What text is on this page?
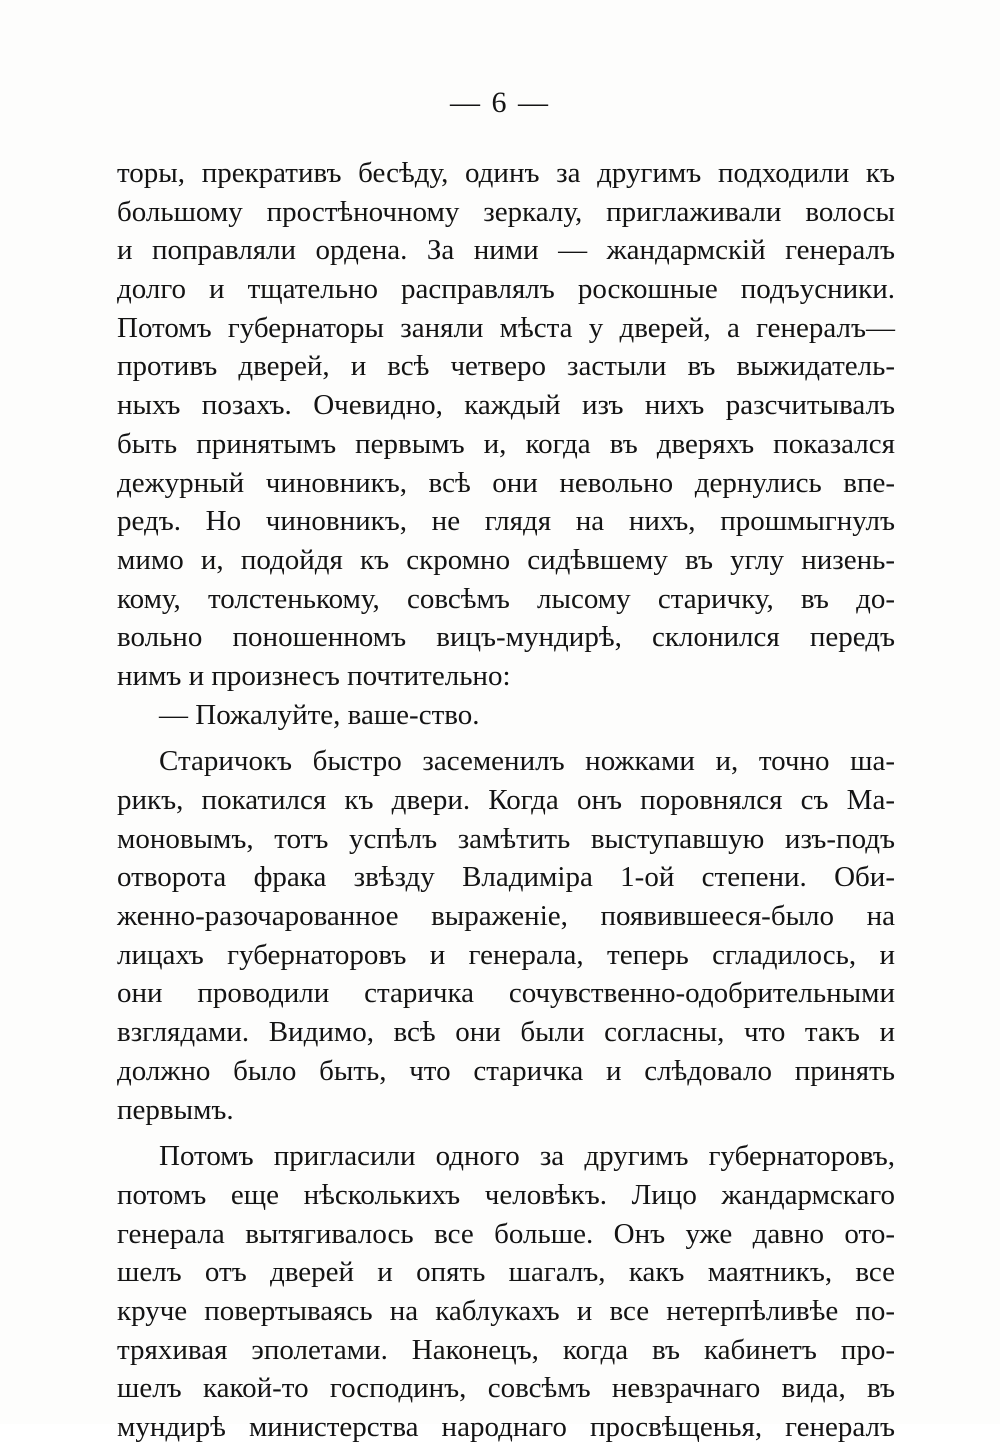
— 6 —
торы, прекративъ бесѣду, одинъ за другимъ подходили къ
большому простѣночному зеркалу, приглаживали волосы
и поправляли ордена. За ними — жандармскій генералъ
долго и тщательно расправлялъ роскошные подъусники.
Потомъ губернаторы заняли мѣста у дверей, а генералъ—
противъ дверей, и всѣ четверо застыли въ выжидатель-
ныхъ позахъ. Очевидно, каждый изъ нихъ разсчитывалъ
быть принятымъ первымъ и, когда въ дверяхъ показался
дежурный чиновникъ, всѣ они невольно дернулись впе-
редъ. Но чиновникъ, не глядя на нихъ, прошмыгнулъ
мимо и, подойдя къ скромно сидѣвшему въ углу низень-
кому, толстенькому, совсѣмъ лысому старичку, въ до-
вольно поношенномъ вицъ-мундирѣ, склонился передъ
нимъ и произнесъ почтительно:
— Пожалуйте, ваше-ство.
Старичокъ быстро засеменилъ ножками и, точно ша-
рикъ, покатился къ двери. Когда онъ поровнялся съ Ма-
моновымъ, тотъ успѣлъ замѣтить выступавшую изъ-подъ
отворота фрака звѣзду Владиміра 1-ой степени. Оби-
женно-разочарованное выраженіе, появившееся-было на
лицахъ губернаторовъ и генерала, теперь сгладилось, и
они проводили старичка сочувственно-одобрительными
взглядами. Видимо, всѣ они были согласны, что такъ и
должно было быть, что старичка и слѣдовало принять
первымъ.
Потомъ пригласили одного за другимъ губернаторовъ,
потомъ еще нѣсколькихъ человѣкъ. Лицо жандармскаго
генерала вытягивалось все больше. Онъ уже давно ото-
шелъ отъ дверей и опять шагалъ, какъ маятникъ, все
круче повертываясь на каблукахъ и все нетерпѣливѣе по-
тряхивая эполетами. Наконецъ, когда въ кабинетъ про-
шелъ какой-то господинъ, совсѣмъ невзрачнаго вида, въ
мундирѣ министерства народнаго просвѣщенья, генералъ
